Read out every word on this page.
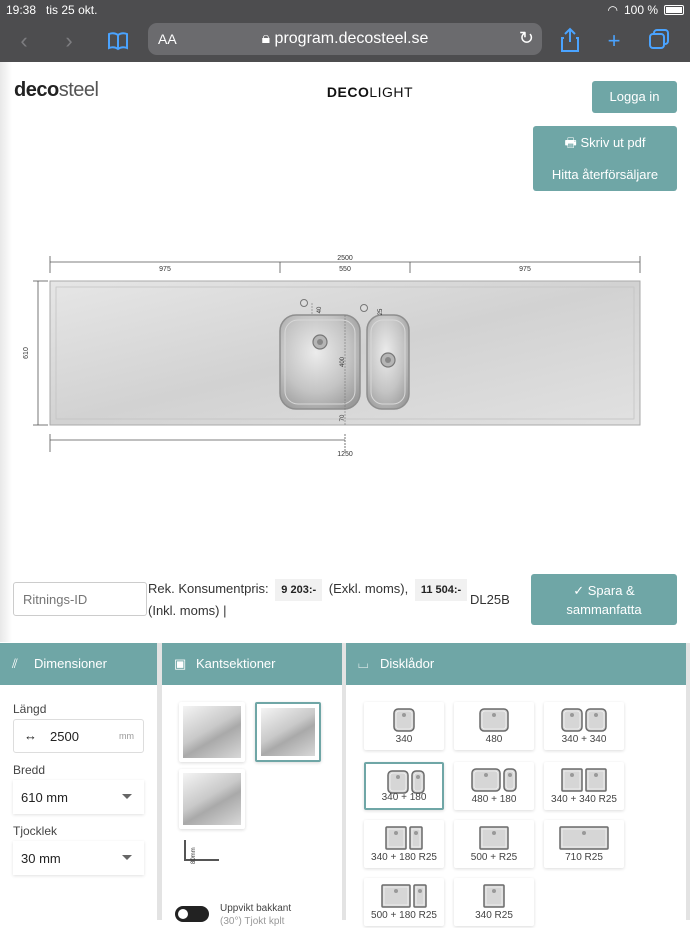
19:38 tis 25 okt.	◠ 100 %
‹	›	AA	🔒︎ program.decosteel.se	↻	+
decosteel	DECOLIGHT	Logga in
🖶︎ Skriv ut pdf
Hitta återförsäljare
2500
975	550	975
610
40	25
400
70
1250
Ritnings-ID
Rek. Konsumentpris: 9 203:- (Exkl. moms), 11 504:-
(Inkl. moms) |
DL25B
✓ Spara &
sammanfatta
⫽ Dimensioner
Längd
↔ 2500	mm
Bredd
610 mm
Tjocklek
30 mm
▣ Kantsektioner
80mm
Uppvikt bakkant
(30°) Tjokt kplt
⌴ Disklådor
340	480	340 + 340
340 + 180	480 + 180	340 + 340 R25
340 + 180 R25	500 + R25	710 R25
500 + 180 R25	340 R25
